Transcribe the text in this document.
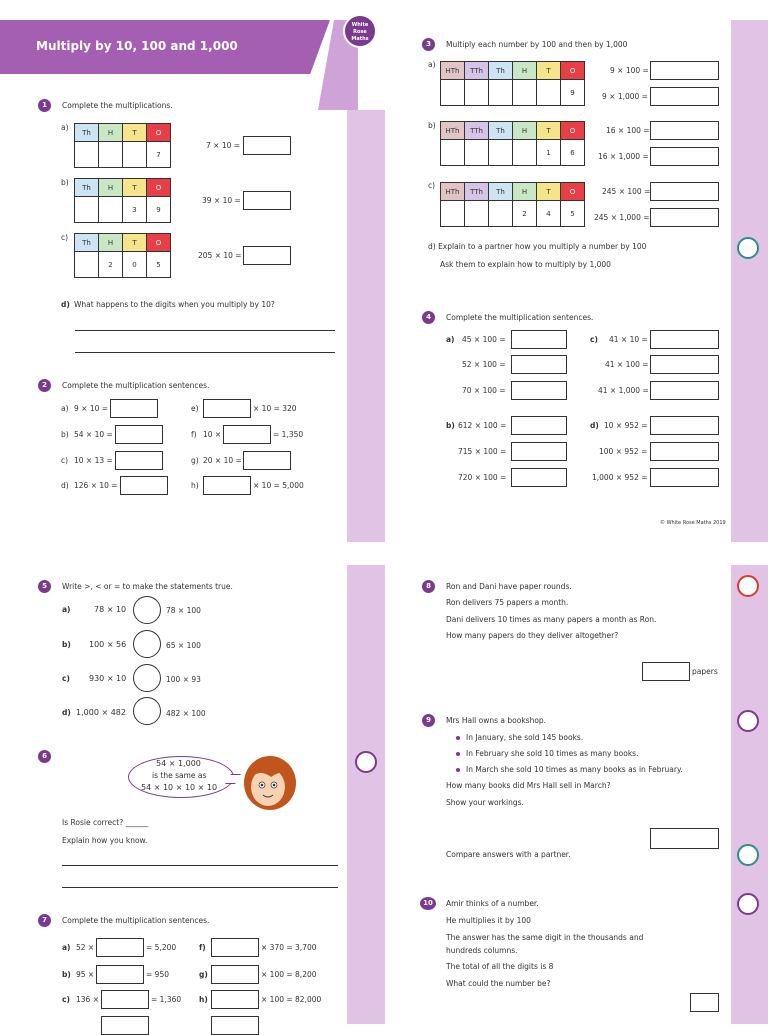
Multiply by 10, 100 and 1,000
White
Rose
Maths
1	Complete the multiplications.
a)
Th	H	T	O
			7
7 × 10 =
b)
Th	H	T	O
		3	9
39 × 10 =
c)
Th	H	T	O
	2	0	5
205 × 10 =
d) What happens to the digits when you multiply by 10?
2	Complete the multiplication sentences.
a) 9 × 10 =
b) 54 × 10 =
c) 10 × 13 =
d) 126 × 10 =
e)	× 10 = 320
f) 10 ×	= 1,350
g) 20 × 10 =
h)	× 10 = 5,000
3	Multiply each number by 100 and then by 1,000
a)
HTh	TTh	Th	H	T	O
					9
9 × 100 =
9 × 1,000 =
b)
HTh	TTh	Th	H	T	O
				1	6
16 × 100 =
16 × 1,000 =
c)
HTh	TTh	Th	H	T	O
			2	4	5
245 × 100 =
245 × 1,000 =
d) Explain to a partner how you multiply a number by 100
Ask them to explain how to multiply by 1,000
4	Complete the multiplication sentences.
a) 45 × 100 =
52 × 100 =
70 × 100 =
c) 41 × 10 =
41 × 100 =
41 × 1,000 =
b) 612 × 100 =
715 × 100 =
720 × 100 =
d) 10 × 952 =
100 × 952 =
1,000 × 952 =
© White Rose Maths 2019
5	Write >, < or = to make the statements true.
a)	78 × 10	78 × 100
b) 100 × 56	65 × 100
c) 930 × 10	100 × 93
d) 1,000 × 482	482 × 100
6
54 × 1,000
is the same as
54 × 10 × 10 × 10
Is Rosie correct? ______
Explain how you know.
7	Complete the multiplication sentences.
a) 52 ×	= 5,200
b) 95 ×	= 950
c) 136 ×	= 1,360
f)	× 370 = 3,700
g)	× 100 = 8,200
h)	× 100 = 82,000
8	Ron and Dani have paper rounds.
Ron delivers 75 papers a month.
Dani delivers 10 times as many papers a month as Ron.
How many papers do they deliver altogether?
papers
9	Mrs Hall owns a bookshop.
In January, she sold 145 books.
In February she sold 10 times as many books.
In March she sold 10 times as many books as in February.
How many books did Mrs Hall sell in March?
Show your workings.
Compare answers with a partner.
10	Amir thinks of a number.
He multiplies it by 100
The answer has the same digit in the thousands and
hundreds columns.
The total of all the digits is 8
What could the number be?
